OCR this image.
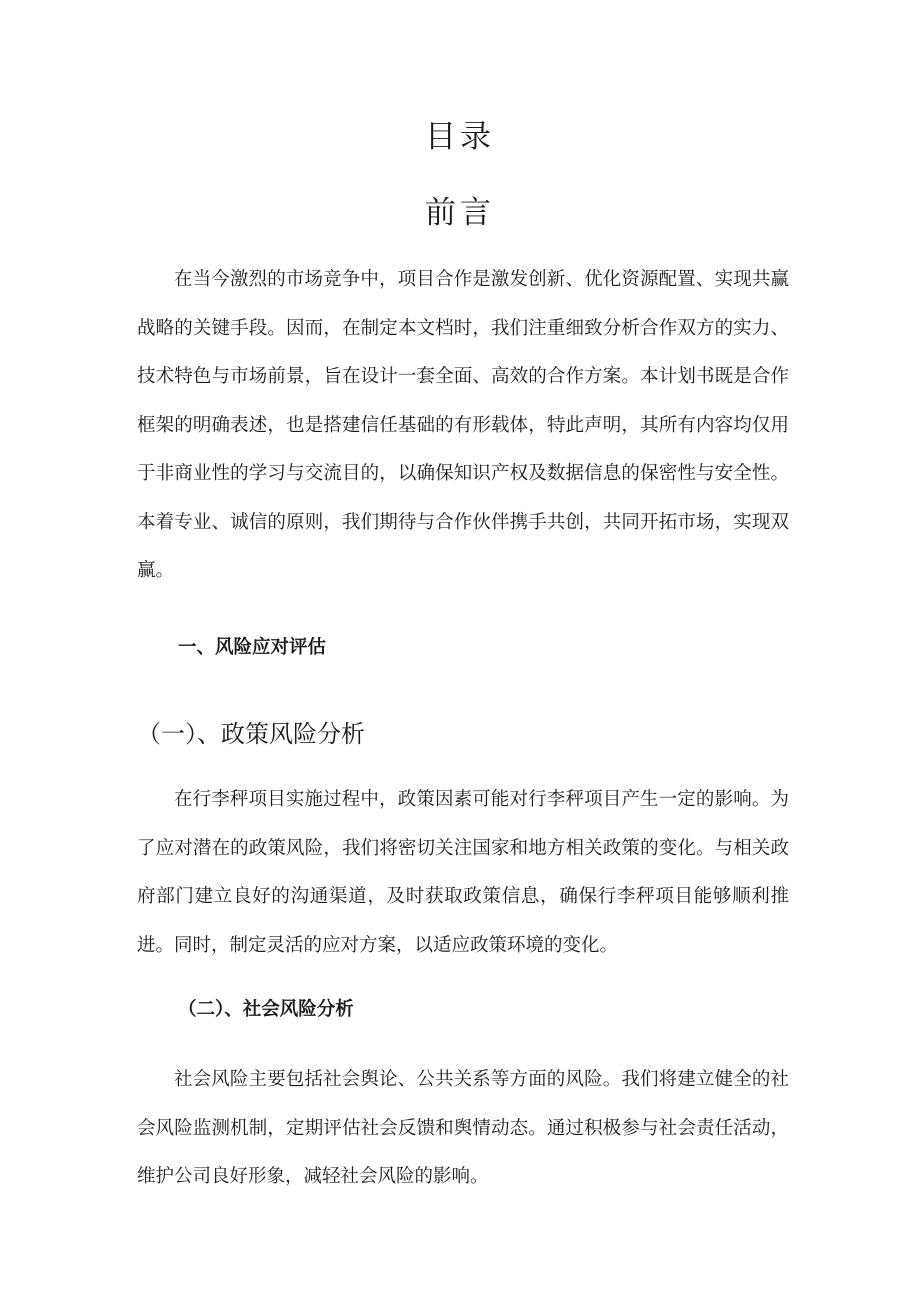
目录
前言

在当今激烈的市场竞争中，项目合作是激发创新、优化资源配置、实现共赢战略的关键手段。因而，在制定本文档时，我们注重细致分析合作双方的实力、技术特色与市场前景，旨在设计一套全面、高效的合作方案。本计划书既是合作框架的明确表述，也是搭建信任基础的有形载体，特此声明，其所有内容均仅用于非商业性的学习与交流目的，以确保知识产权及数据信息的保密性与安全性。本着专业、诚信的原则，我们期待与合作伙伴携手共创，共同开拓市场，实现双赢。

一、风险应对评估
（一）、政策风险分析

在行李秤项目实施过程中，政策因素可能对行李秤项目产生一定的影响。为了应对潜在的政策风险，我们将密切关注国家和地方相关政策的变化。与相关政府部门建立良好的沟通渠道，及时获取政策信息，确保行李秤项目能够顺利推进。同时，制定灵活的应对方案，以适应政策环境的变化。

（二）、社会风险分析

社会风险主要包括社会舆论、公共关系等方面的风险。我们将建立健全的社会风险监测机制，定期评估社会反馈和舆情动态。通过积极参与社会责任活动，维护公司良好形象，减轻社会风险的影响。
